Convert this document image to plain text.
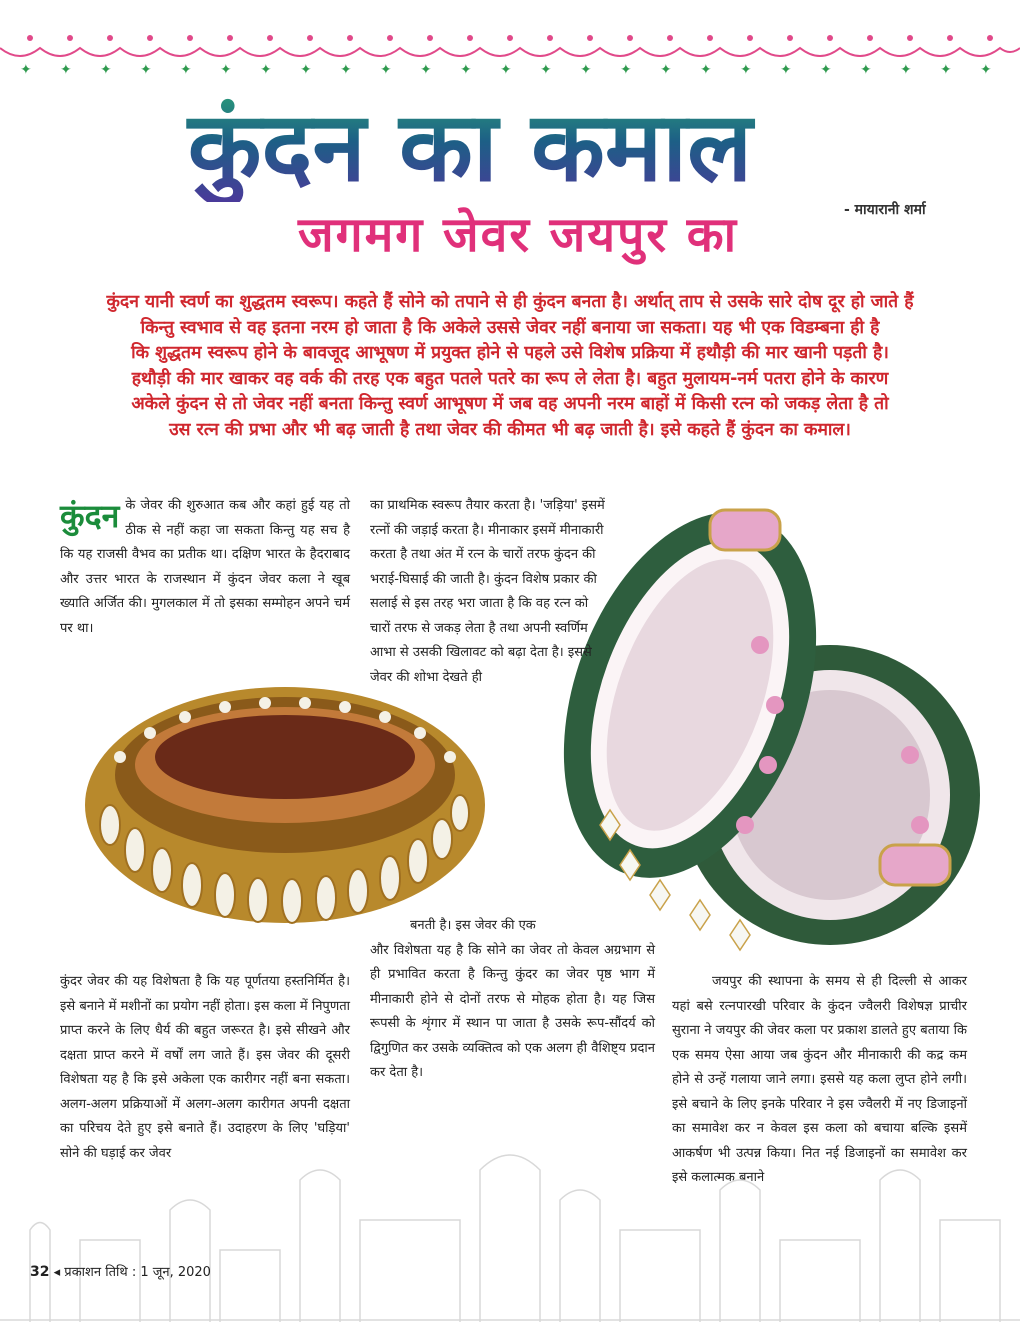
✦ ✦ ✦ ✦ ✦ ✦ ✦ ✦ ✦ ✦ ✦ ✦ ✦ ✦ ✦ ✦ ✦ ✦ ✦ ✦ ✦ ✦ ✦ ✦ ✦
कुंदन का कमाल
जगमग जेवर जयपुर का	- मायारानी शर्मा

कुंदन यानी स्वर्ण का शुद्धतम स्वरूप। कहते हैं सोने को तपाने से ही कुंदन बनता है। अर्थात् ताप से उसके सारे दोष दूर हो जाते हैं

किन्तु स्वभाव से वह इतना नरम हो जाता है कि अकेले उससे जेवर नहीं बनाया जा सकता। यह भी एक विडम्बना ही है

कि शुद्धतम स्वरूप होने के बावजूद आभूषण में प्रयुक्त होने से पहले उसे विशेष प्रक्रिया में हथौड़ी की मार खानी पड़ती है।

हथौड़ी की मार खाकर वह वर्क की तरह एक बहुत पतले पतरे का रूप ले लेता है। बहुत मुलायम-नर्म पतरा होने के कारण

अकेले कुंदन से तो जेवर नहीं बनता किन्तु स्वर्ण आभूषण में जब वह अपनी नरम बाहों में किसी रत्न को जकड़ लेता है तो

उस रत्न की प्रभा और भी बढ़ जाती है तथा जेवर की कीमत भी बढ़ जाती है। इसे कहते हैं कुंदन का कमाल।

कुंदन के जेवर की शुरुआत कब और कहां हुई यह तो ठीक से नहीं कहा जा सकता किन्तु यह सच है कि यह राजसी वैभव का प्रतीक था। दक्षिण भारत के हैदराबाद और उत्तर भारत के राजस्थान में कुंदन जेवर कला ने खूब ख्याति अर्जित की। मुगलकाल में तो इसका सम्मोहन अपने चर्म पर था।

का प्राथमिक स्वरूप तैयार करता है। 'जड़िया' इसमें रत्नों की जड़ाई करता है। मीनाकार इसमें मीनाकारी करता है तथा अंत में रत्न के चारों तरफ कुंदन की भराई-घिसाई की जाती है। कुंदन विशेष प्रकार की सलाई से इस तरह भरा जाता है कि वह रत्न को चारों तरफ से जकड़ लेता है तथा अपनी स्वर्णिम आभा से उसकी खिलावट को बढ़ा देता है। इससे जेवर की शोभा देखते ही

कुंदर जेवर की यह विशेषता है कि यह पूर्णतया हस्तनिर्मित है। इसे बनाने में मशीनों का प्रयोग नहीं होता। इस कला में निपुणता प्राप्त करने के लिए धैर्य की बहुत जरूरत है। इसे सीखने और दक्षता प्राप्त करने में वर्षों लग जाते हैं। इस जेवर की दूसरी विशेषता यह है कि इसे अकेला एक कारीगर नहीं बना सकता। अलग-अलग प्रक्रियाओं में अलग-अलग कारीगत अपनी दक्षता का परिचय देते हुए इसे बनाते हैं। उदाहरण के लिए 'घड़िया' सोने की घड़ाई कर जेवर

बनती है। इस जेवर की एक

और विशेषता यह है कि सोने का जेवर तो केवल अग्रभाग से ही प्रभावित करता है किन्तु कुंदर का जेवर पृष्ठ भाग में मीनाकारी होने से दोनों तरफ से मोहक होता है। यह जिस रूपसी के शृंगार में स्थान पा जाता है उसके रूप-सौंदर्य को द्विगुणित कर उसके व्यक्तित्व को एक अलग ही वैशिष्ट्य प्रदान कर देता है।

जयपुर की स्थापना के समय से ही दिल्ली से आकर यहां बसे रत्नपारखी परिवार के कुंदन ज्वैलरी विशेषज्ञ प्राचीर सुराना ने जयपुर की जेवर कला पर प्रकाश डालते हुए बताया कि एक समय ऐसा आया जब कुंदन और मीनाकारी की कद्र कम होने से उन्हें गलाया जाने लगा। इससे यह कला लुप्त होने लगी। इसे बचाने के लिए इनके परिवार ने इस ज्वैलरी में नए डिजाइनों का समावेश कर न केवल इस कला को बचाया बल्कि इसमें आकर्षण भी उत्पन्न किया। नित नई डिजाइनों का समावेश कर इसे कलात्मक बनाने

32 ◂ प्रकाशन तिथि : 1 जून, 2020
